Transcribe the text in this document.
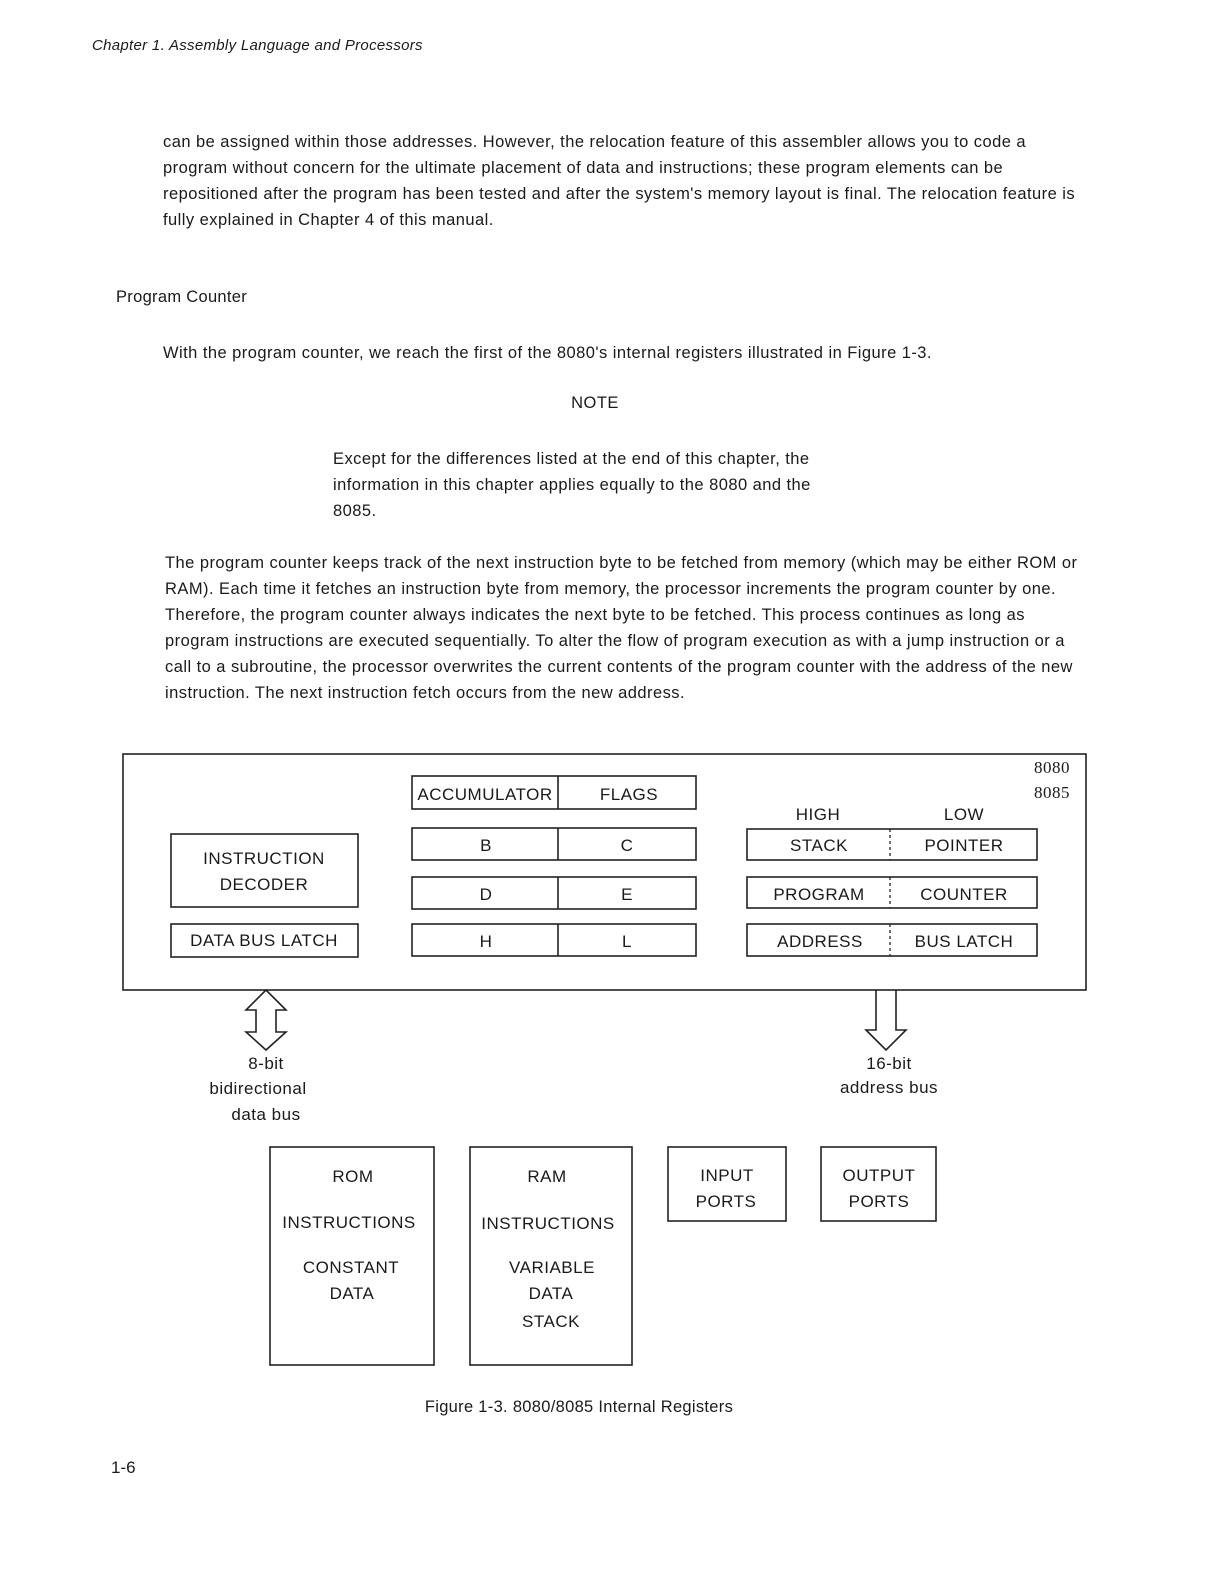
Chapter 1. Assembly Language and Processors

can be assigned within those addresses. However, the relocation feature of this assembler allows you to code a program without concern for the ultimate placement of data and instructions; these program elements can be repositioned after the program has been tested and after the system's memory layout is final. The relocation feature is fully explained in Chapter 4 of this manual.

Program Counter

With the program counter, we reach the first of the 8080's internal registers illustrated in Figure 1-3.

NOTE

Except for the differences listed at the end of this chapter, the information in this chapter applies equally to the 8080 and the 8085.

The program counter keeps track of the next instruction byte to be fetched from memory (which may be either ROM or RAM). Each time it fetches an instruction byte from memory, the processor increments the program counter by one. Therefore, the program counter always indicates the next byte to be fetched. This process continues as long as program instructions are executed sequentially. To alter the flow of program execution as with a jump instruction or a call to a subroutine, the processor overwrites the current contents of the program counter with the address of the new instruction. The next instruction fetch occurs from the new address.

8080
8085
INSTRUCTION
DECODER
DATA BUS LATCH
ACCUMULATOR	FLAGS
B	C
D	E
H	L
HIGH	LOW
STACK	POINTER
PROGRAM	COUNTER
ADDRESS	BUS LATCH
8-bit
bidirectional
data bus
16-bit
address bus
ROM
INSTRUCTIONS
CONSTANT
DATA
RAM
INSTRUCTIONS
VARIABLE
DATA
STACK
INPUT
PORTS
OUTPUT
PORTS
Figure 1-3. 8080/8085 Internal Registers
1-6
